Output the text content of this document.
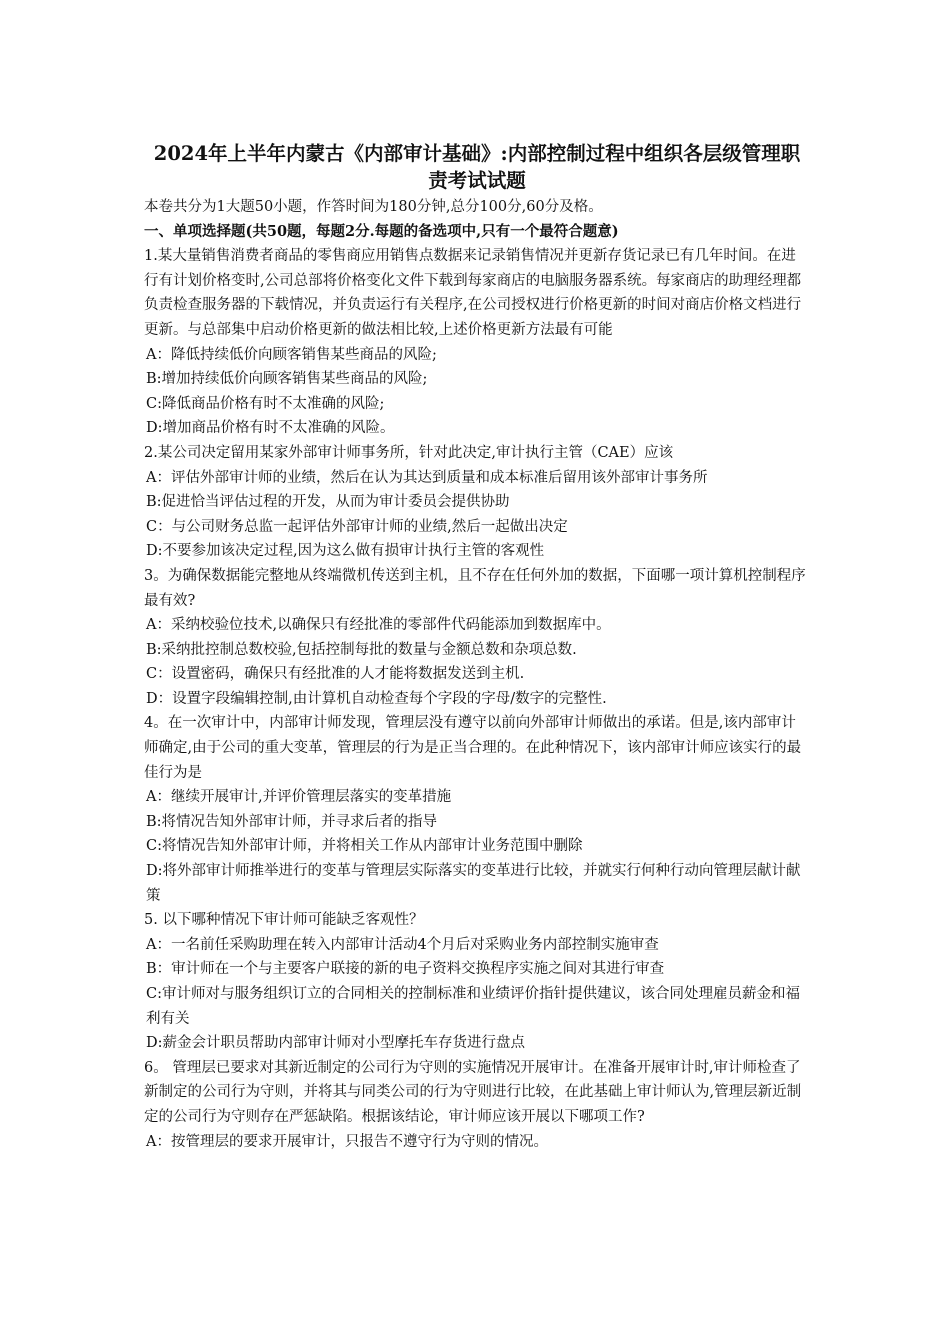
2024年上半年内蒙古《内部审计基础》:内部控制过程中组织各层级管理职责考试试题

本卷共分为1大题50小题，作答时间为180分钟,总分100分,60分及格。

一、单项选择题(共50题，每题2分.每题的备选项中,只有一个最符合题意)

1.某大量销售消费者商品的零售商应用销售点数据来记录销售情况并更新存货记录已有几年时间。在进行有计划价格变时,公司总部将价格变化文件下载到每家商店的电脑服务器系统。每家商店的助理经理都负责检查服务器的下载情况，并负责运行有关程序,在公司授权进行价格更新的时间对商店价格文档进行更新。与总部集中启动价格更新的做法相比较,上述价格更新方法最有可能

A：降低持续低价向顾客销售某些商品的风险;

B:增加持续低价向顾客销售某些商品的风险;

C:降低商品价格有时不太准确的风险;

D:增加商品价格有时不太准确的风险。

2.某公司决定留用某家外部审计师事务所，针对此决定,审计执行主管（CAE）应该

A：评估外部审计师的业绩，然后在认为其达到质量和成本标准后留用该外部审计事务所

B:促进恰当评估过程的开发，从而为审计委员会提供协助

C：与公司财务总监一起评估外部审计师的业绩,然后一起做出决定

D:不要参加该决定过程,因为这么做有损审计执行主管的客观性

3。为确保数据能完整地从终端微机传送到主机，且不存在任何外加的数据，下面哪一项计算机控制程序最有效?

A：采纳校验位技术,以确保只有经批准的零部件代码能添加到数据库中。

B:采纳批控制总数校验,包括控制每批的数量与金额总数和杂项总数.

C：设置密码，确保只有经批准的人才能将数据发送到主机.

D：设置字段编辑控制,由计算机自动检查每个字段的字母/数字的完整性.

4。在一次审计中，内部审计师发现，管理层没有遵守以前向外部审计师做出的承诺。但是,该内部审计师确定,由于公司的重大变革，管理层的行为是正当合理的。在此种情况下，该内部审计师应该实行的最佳行为是

A：继续开展审计,并评价管理层落实的变革措施

B:将情况告知外部审计师，并寻求后者的指导

C:将情况告知外部审计师，并将相关工作从内部审计业务范围中删除

D:将外部审计师推举进行的变革与管理层实际落实的变革进行比较，并就实行何种行动向管理层献计献策

5. 以下哪种情况下审计师可能缺乏客观性？

A：一名前任采购助理在转入内部审计活动4个月后对采购业务内部控制实施审查

B：审计师在一个与主要客户联接的新的电子资料交换程序实施之间对其进行审查

C:审计师对与服务组织订立的合同相关的控制标准和业绩评价指针提供建议，该合同处理雇员薪金和福利有关

D:薪金会计职员帮助内部审计师对小型摩托车存货进行盘点

6。 管理层已要求对其新近制定的公司行为守则的实施情况开展审计。在准备开展审计时,审计师检查了新制定的公司行为守则，并将其与同类公司的行为守则进行比较，在此基础上审计师认为,管理层新近制定的公司行为守则存在严惩缺陷。根据该结论，审计师应该开展以下哪项工作?

A：按管理层的要求开展审计，只报告不遵守行为守则的情况。
